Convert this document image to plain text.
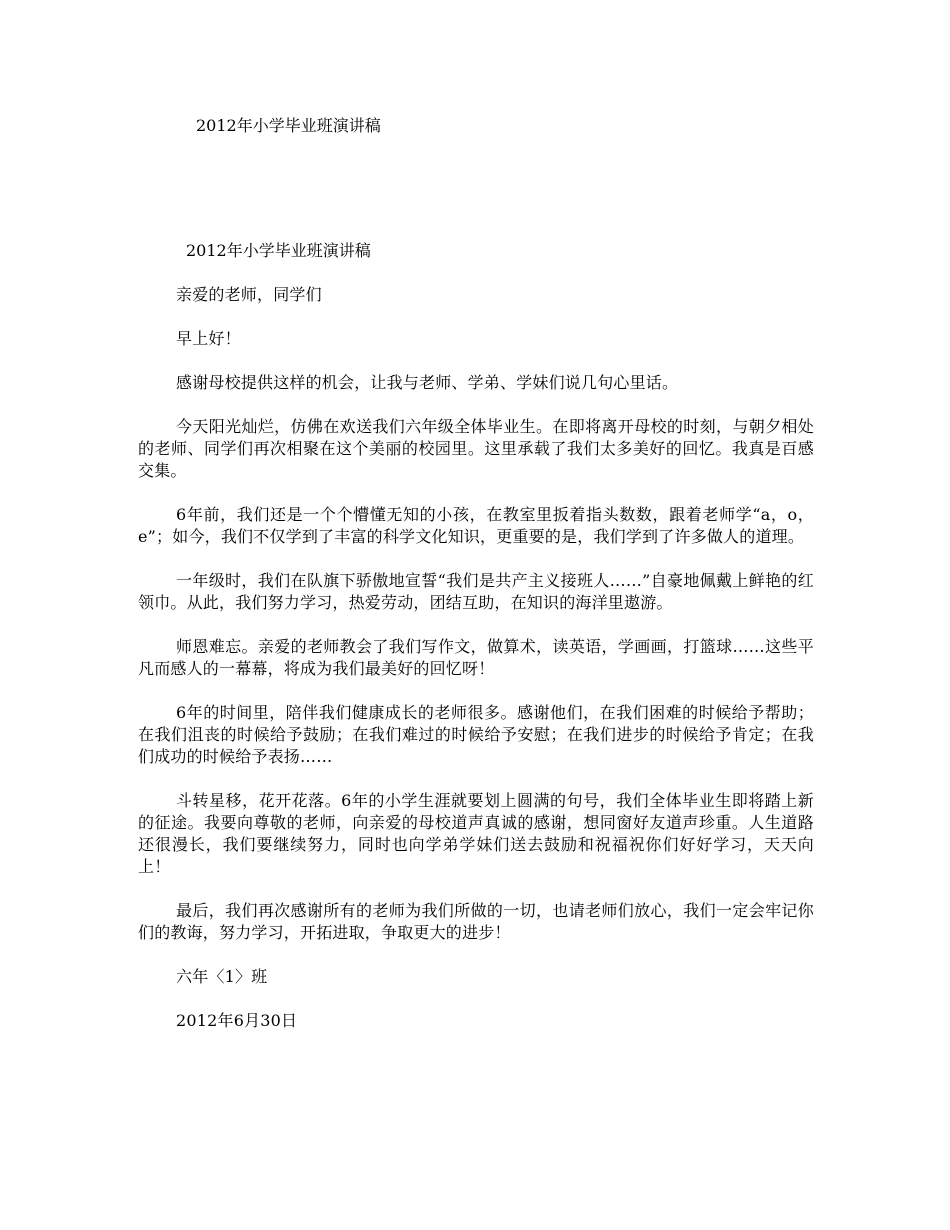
2012年小学毕业班演讲稿

2012年小学毕业班演讲稿

亲爱的老师，同学们

早上好！

感谢母校提供这样的机会，让我与老师、学弟、学妹们说几句心里话。

今天阳光灿烂，仿佛在欢送我们六年级全体毕业生。在即将离开母校的时刻，与朝夕相处的老师、同学们再次相聚在这个美丽的校园里。这里承载了我们太多美好的回忆。我真是百感交集。

6年前，我们还是一个个懵懂无知的小孩，在教室里扳着指头数数，跟着老师学“a，o，e”；如今，我们不仅学到了丰富的科学文化知识，更重要的是，我们学到了许多做人的道理。

一年级时，我们在队旗下骄傲地宣誓“我们是共产主义接班人……”自豪地佩戴上鲜艳的红领巾。从此，我们努力学习，热爱劳动，团结互助，在知识的海洋里遨游。

师恩难忘。亲爱的老师教会了我们写作文，做算术，读英语，学画画，打篮球……这些平凡而感人的一幕幕，将成为我们最美好的回忆呀！

6年的时间里，陪伴我们健康成长的老师很多。感谢他们，在我们困难的时候给予帮助；在我们沮丧的时候给予鼓励；在我们难过的时候给予安慰；在我们进步的时候给予肯定；在我们成功的时候给予表扬……

斗转星移，花开花落。6年的小学生涯就要划上圆满的句号，我们全体毕业生即将踏上新的征途。我要向尊敬的老师，向亲爱的母校道声真诚的感谢，想同窗好友道声珍重。人生道路还很漫长，我们要继续努力，同时也向学弟学妹们送去鼓励和祝福祝你们好好学习，天天向上！

最后，我们再次感谢所有的老师为我们所做的一切，也请老师们放心，我们一定会牢记你们的教诲，努力学习，开拓进取，争取更大的进步！

六年〈1〉班

2012年6月30日
